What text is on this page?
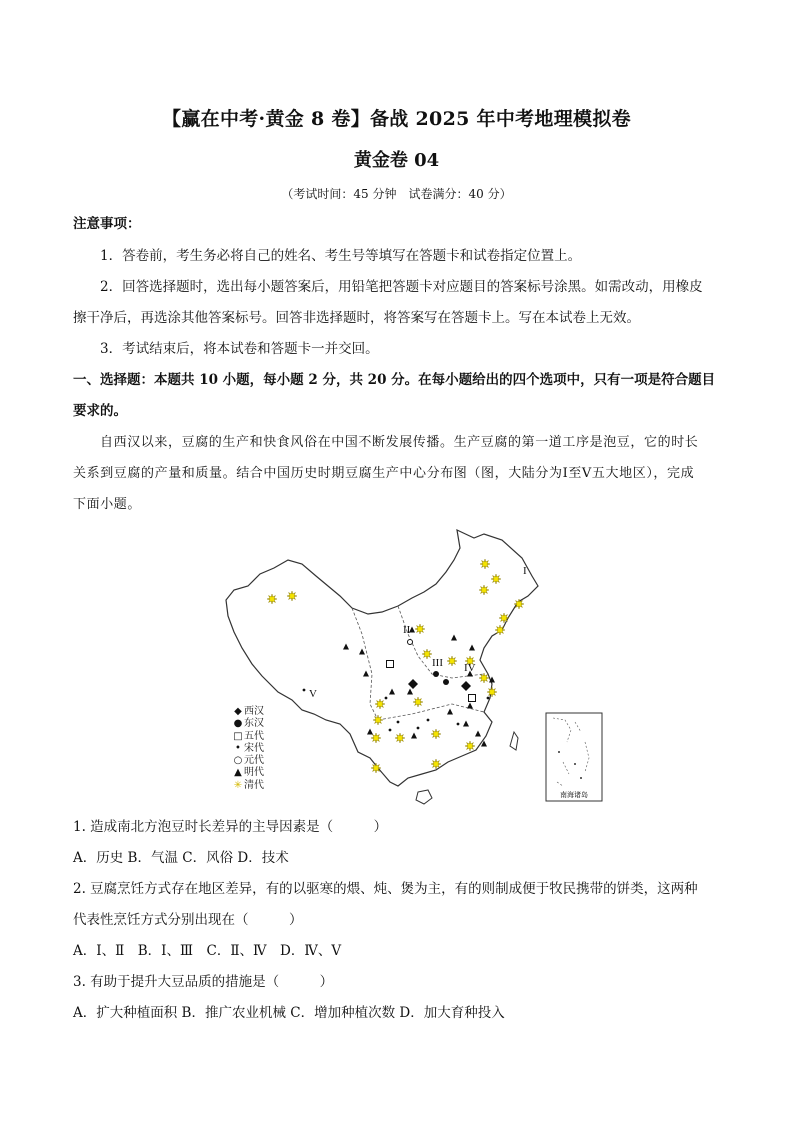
【赢在中考·黄金 8 卷】备战 2025 年中考地理模拟卷
黄金卷 04
（考试时间：45 分钟　试卷满分：40 分）
注意事项：
1．答卷前，考生务必将自己的姓名、考生号等填写在答题卡和试卷指定位置上。
2．回答选择题时，选出每小题答案后，用铅笔把答题卡对应题目的答案标号涂黑。如需改动，用橡皮
擦干净后，再选涂其他答案标号。回答非选择题时，将答案写在答题卡上。写在本试卷上无效。
3．考试结束后，将本试卷和答题卡一并交回。
一、选择题：本题共 10 小题，每小题 2 分，共 20 分。在每小题给出的四个选项中，只有一项是符合题目
要求的。
自西汉以来，豆腐的生产和快食风俗在中国不断发展传播。生产豆腐的第一道工序是泡豆，它的时长
关系到豆腐的产量和质量。结合中国历史时期豆腐生产中心分布图（图，大陆分为Ⅰ至Ⅴ五大地区），完成
下面小题。
I
II
III IV
V
◆ 西汉
● 东汉
□ 五代
• 宋代
○ 元代
▲ 明代
✳ 清代
南海诸岛
1. 造成南北方泡豆时长差异的主导因素是（　　　）
A．历史 B．气温 C．风俗 D．技术
2. 豆腐烹饪方式存在地区差异，有的以驱寒的煨、炖、煲为主，有的则制成便于牧民携带的饼类，这两种
代表性烹饪方式分别出现在（　　　）
A．Ⅰ、Ⅱ　B．Ⅰ、Ⅲ　C．Ⅱ、Ⅳ　D．Ⅳ、Ⅴ
3. 有助于提升大豆品质的措施是（　　　）
A．扩大种植面积 B．推广农业机械 C．增加种植次数 D．加大育种投入
